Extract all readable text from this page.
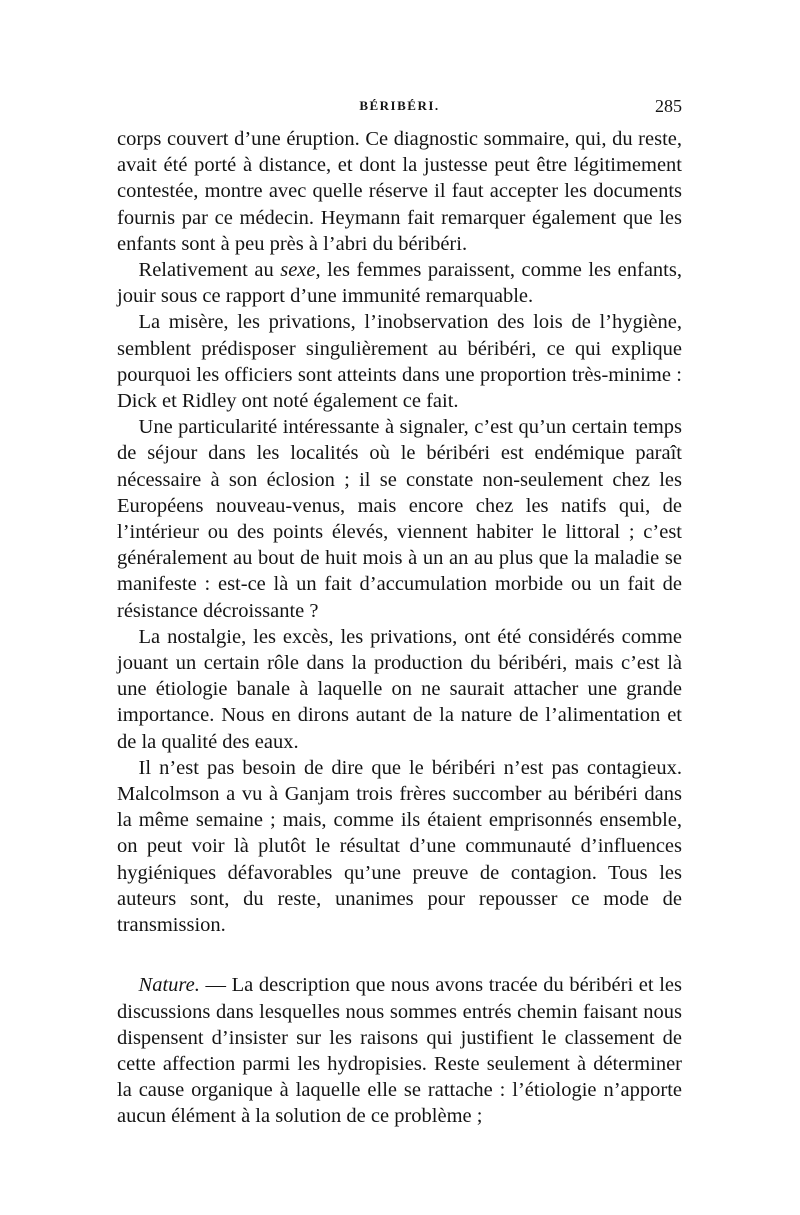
BÉRIBÉRI.	285

corps couvert d’une éruption. Ce diagnostic sommaire, qui, du reste, avait été porté à distance, et dont la justesse peut être légitimement contestée, montre avec quelle réserve il faut accepter les documents fournis par ce médecin. Heymann fait remarquer également que les enfants sont à peu près à l’abri du béribéri.

Relativement au sexe, les femmes paraissent, comme les enfants, jouir sous ce rapport d’une immunité remarquable.

La misère, les privations, l’inobservation des lois de l’hygiène, semblent prédisposer singulièrement au béribéri, ce qui explique pourquoi les officiers sont atteints dans une proportion très-minime : Dick et Ridley ont noté également ce fait.

Une particularité intéressante à signaler, c’est qu’un certain temps de séjour dans les localités où le béribéri est endémique paraît nécessaire à son éclosion ; il se constate non-seulement chez les Européens nouveau-venus, mais encore chez les natifs qui, de l’intérieur ou des points élevés, viennent habiter le littoral ; c’est généralement au bout de huit mois à un an au plus que la maladie se manifeste : est-ce là un fait d’accumulation morbide ou un fait de résistance décroissante ?

La nostalgie, les excès, les privations, ont été considérés comme jouant un certain rôle dans la production du béribéri, mais c’est là une étiologie banale à laquelle on ne saurait attacher une grande importance. Nous en dirons autant de la nature de l’alimentation et de la qualité des eaux.

Il n’est pas besoin de dire que le béribéri n’est pas contagieux. Malcolmson a vu à Ganjam trois frères succomber au béribéri dans la même semaine ; mais, comme ils étaient emprisonnés ensemble, on peut voir là plutôt le résultat d’une communauté d’influences hygiéniques défavorables qu’une preuve de contagion. Tous les auteurs sont, du reste, unanimes pour repousser ce mode de transmission.

Nature. — La description que nous avons tracée du béribéri et les discussions dans lesquelles nous sommes entrés chemin faisant nous dispensent d’insister sur les raisons qui justifient le classement de cette affection parmi les hydropisies. Reste seulement à déterminer la cause organique à laquelle elle se rattache : l’étiologie n’apporte aucun élément à la solution de ce problème ;
